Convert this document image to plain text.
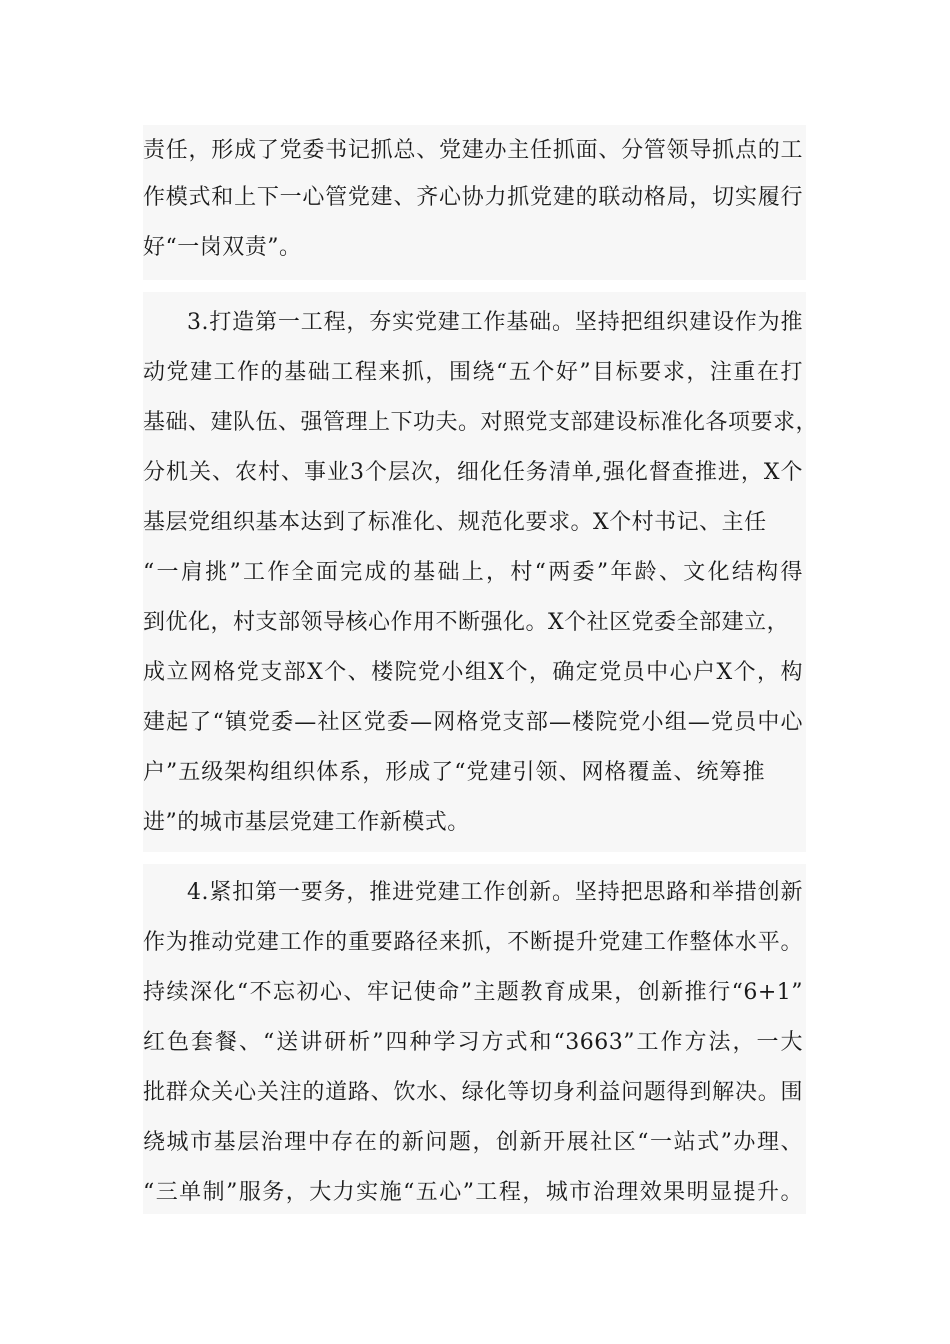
责任，形成了党委书记抓总、党建办主任抓面、分管领导抓点的工
作模式和上下一心管党建、齐心协力抓党建的联动格局，切实履行
好“一岗双责”。
3.打造第一工程，夯实党建工作基础。坚持把组织建设作为推
动党建工作的基础工程来抓，围绕“五个好”目标要求，注重在打
基础、建队伍、强管理上下功夫。对照党支部建设标准化各项要求，
分机关、农村、事业3个层次，细化任务清单,强化督查推进，X个
基层党组织基本达到了标准化、规范化要求。X个村书记、主任
“一肩挑”工作全面完成的基础上，村“两委”年龄、文化结构得
到优化，村支部领导核心作用不断强化。X个社区党委全部建立，
成立网格党支部X个、楼院党小组X个，确定党员中心户X个，构
建起了“镇党委—社区党委—网格党支部—楼院党小组—党员中心
户”五级架构组织体系，形成了“党建引领、网格覆盖、统筹推
进”的城市基层党建工作新模式。
4.紧扣第一要务，推进党建工作创新。坚持把思路和举措创新
作为推动党建工作的重要路径来抓，不断提升党建工作整体水平。
持续深化“不忘初心、牢记使命”主题教育成果，创新推行“6+1”
红色套餐、“送讲研析”四种学习方式和“3663”工作方法，一大
批群众关心关注的道路、饮水、绿化等切身利益问题得到解决。围
绕城市基层治理中存在的新问题，创新开展社区“一站式”办理、
“三单制”服务，大力实施“五心”工程，城市治理效果明显提升。
